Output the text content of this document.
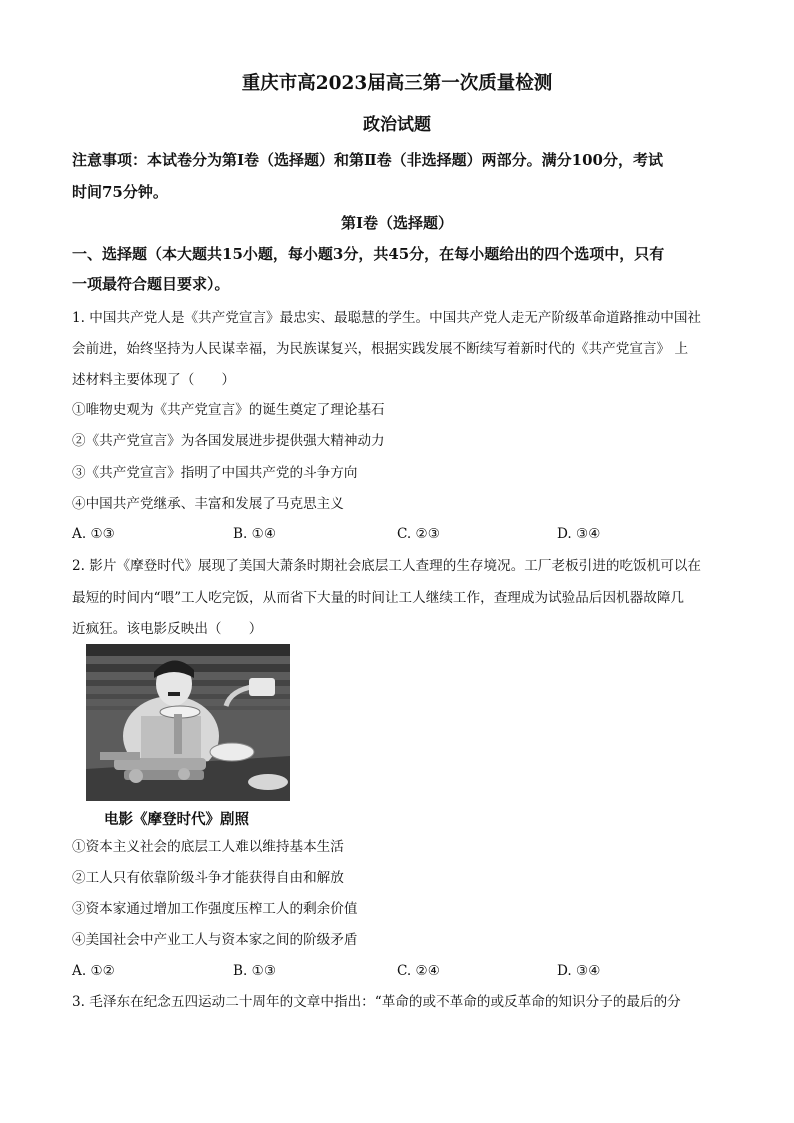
重庆市高2023届高三第一次质量检测
政治试题
注意事项：本试卷分为第Ⅰ卷（选择题）和第Ⅱ卷（非选择题）两部分。满分100分，考试
时间75分钟。
第Ⅰ卷（选择题）
一、选择题（本大题共15小题，每小题3分，共45分，在每小题给出的四个选项中，只有
一项最符合题目要求）。
1. 中国共产党人是《共产党宣言》最忠实、最聪慧的学生。中国共产党人走无产阶级革命道路推动中国社
会前进，始终坚持为人民谋幸福，为民族谋复兴，根据实践发展不断续写着新时代的《共产党宣言》 上
述材料主要体现了（　　）
①唯物史观为《共产党宣言》的诞生奠定了理论基石
②《共产党宣言》为各国发展进步提供强大精神动力
③《共产党宣言》指明了中国共产党的斗争方向
④中国共产党继承、丰富和发展了马克思主义
A. ①③	B. ①④	C. ②③	D. ③④
2. 影片《摩登时代》展现了美国大萧条时期社会底层工人查理的生存境况。工厂老板引进的吃饭机可以在
最短的时间内“喂”工人吃完饭，从而省下大量的时间让工人继续工作，查理成为试验品后因机器故障几
近疯狂。该电影反映出（　　）
电影《摩登时代》剧照
①资本主义社会的底层工人难以维持基本生活
②工人只有依靠阶级斗争才能获得自由和解放
③资本家通过增加工作强度压榨工人的剩余价值
④美国社会中产业工人与资本家之间的阶级矛盾
A. ①②	B. ①③	C. ②④	D. ③④
3. 毛泽东在纪念五四运动二十周年的文章中指出：“革命的或不革命的或反革命的知识分子的最后的分
